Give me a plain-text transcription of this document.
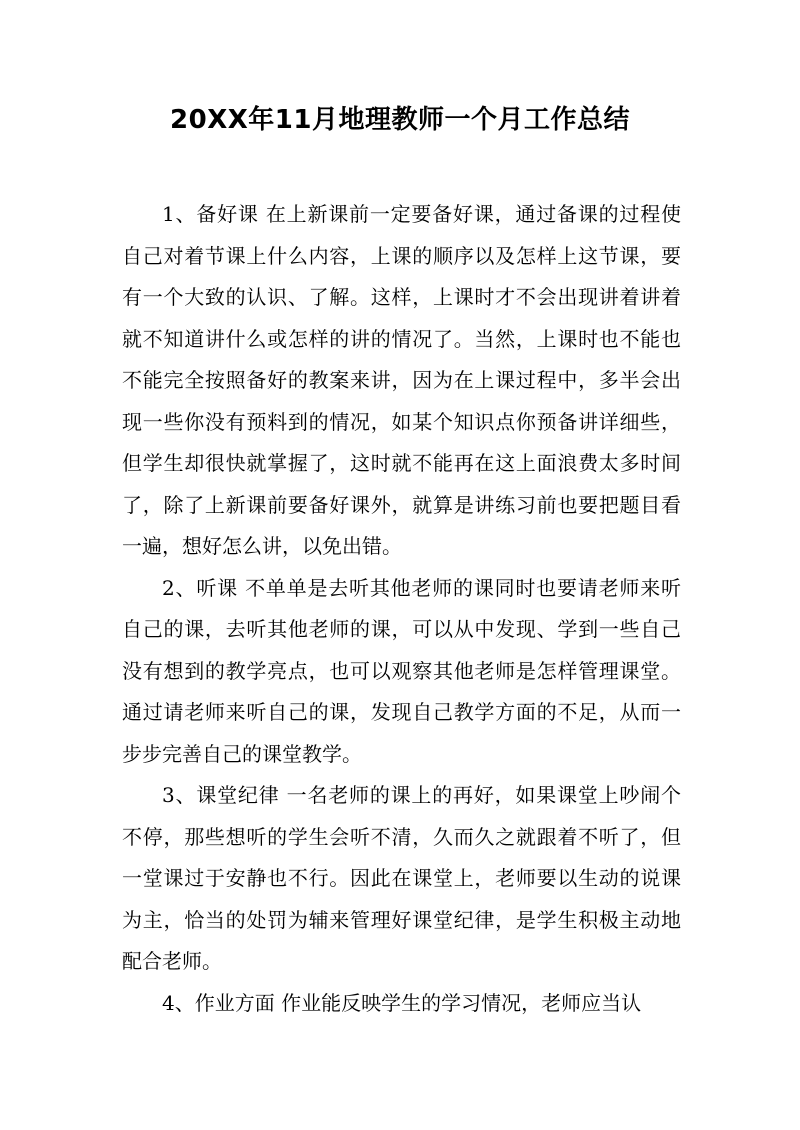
20XX年11月地理教师一个月工作总结

1、备好课 在上新课前一定要备好课，通过备课的过程使自己对着节课上什么内容，上课的顺序以及怎样上这节课，要有一个大致的认识、了解。这样，上课时才不会出现讲着讲着就不知道讲什么或怎样的讲的情况了。当然，上课时也不能也不能完全按照备好的教案来讲，因为在上课过程中，多半会出现一些你没有预料到的情况，如某个知识点你预备讲详细些，但学生却很快就掌握了，这时就不能再在这上面浪费太多时间了，除了上新课前要备好课外，就算是讲练习前也要把题目看一遍，想好怎么讲，以免出错。

2、听课 不单单是去听其他老师的课同时也要请老师来听自己的课，去听其他老师的课，可以从中发现、学到一些自己没有想到的教学亮点，也可以观察其他老师是怎样管理课堂。通过请老师来听自己的课，发现自己教学方面的不足，从而一步步完善自己的课堂教学。

3、课堂纪律 一名老师的课上的再好，如果课堂上吵闹个不停，那些想听的学生会听不清，久而久之就跟着不听了，但一堂课过于安静也不行。因此在课堂上，老师要以生动的说课为主，恰当的处罚为辅来管理好课堂纪律，是学生积极主动地配合老师。

4、作业方面 作业能反映学生的学习情况，老师应当认
